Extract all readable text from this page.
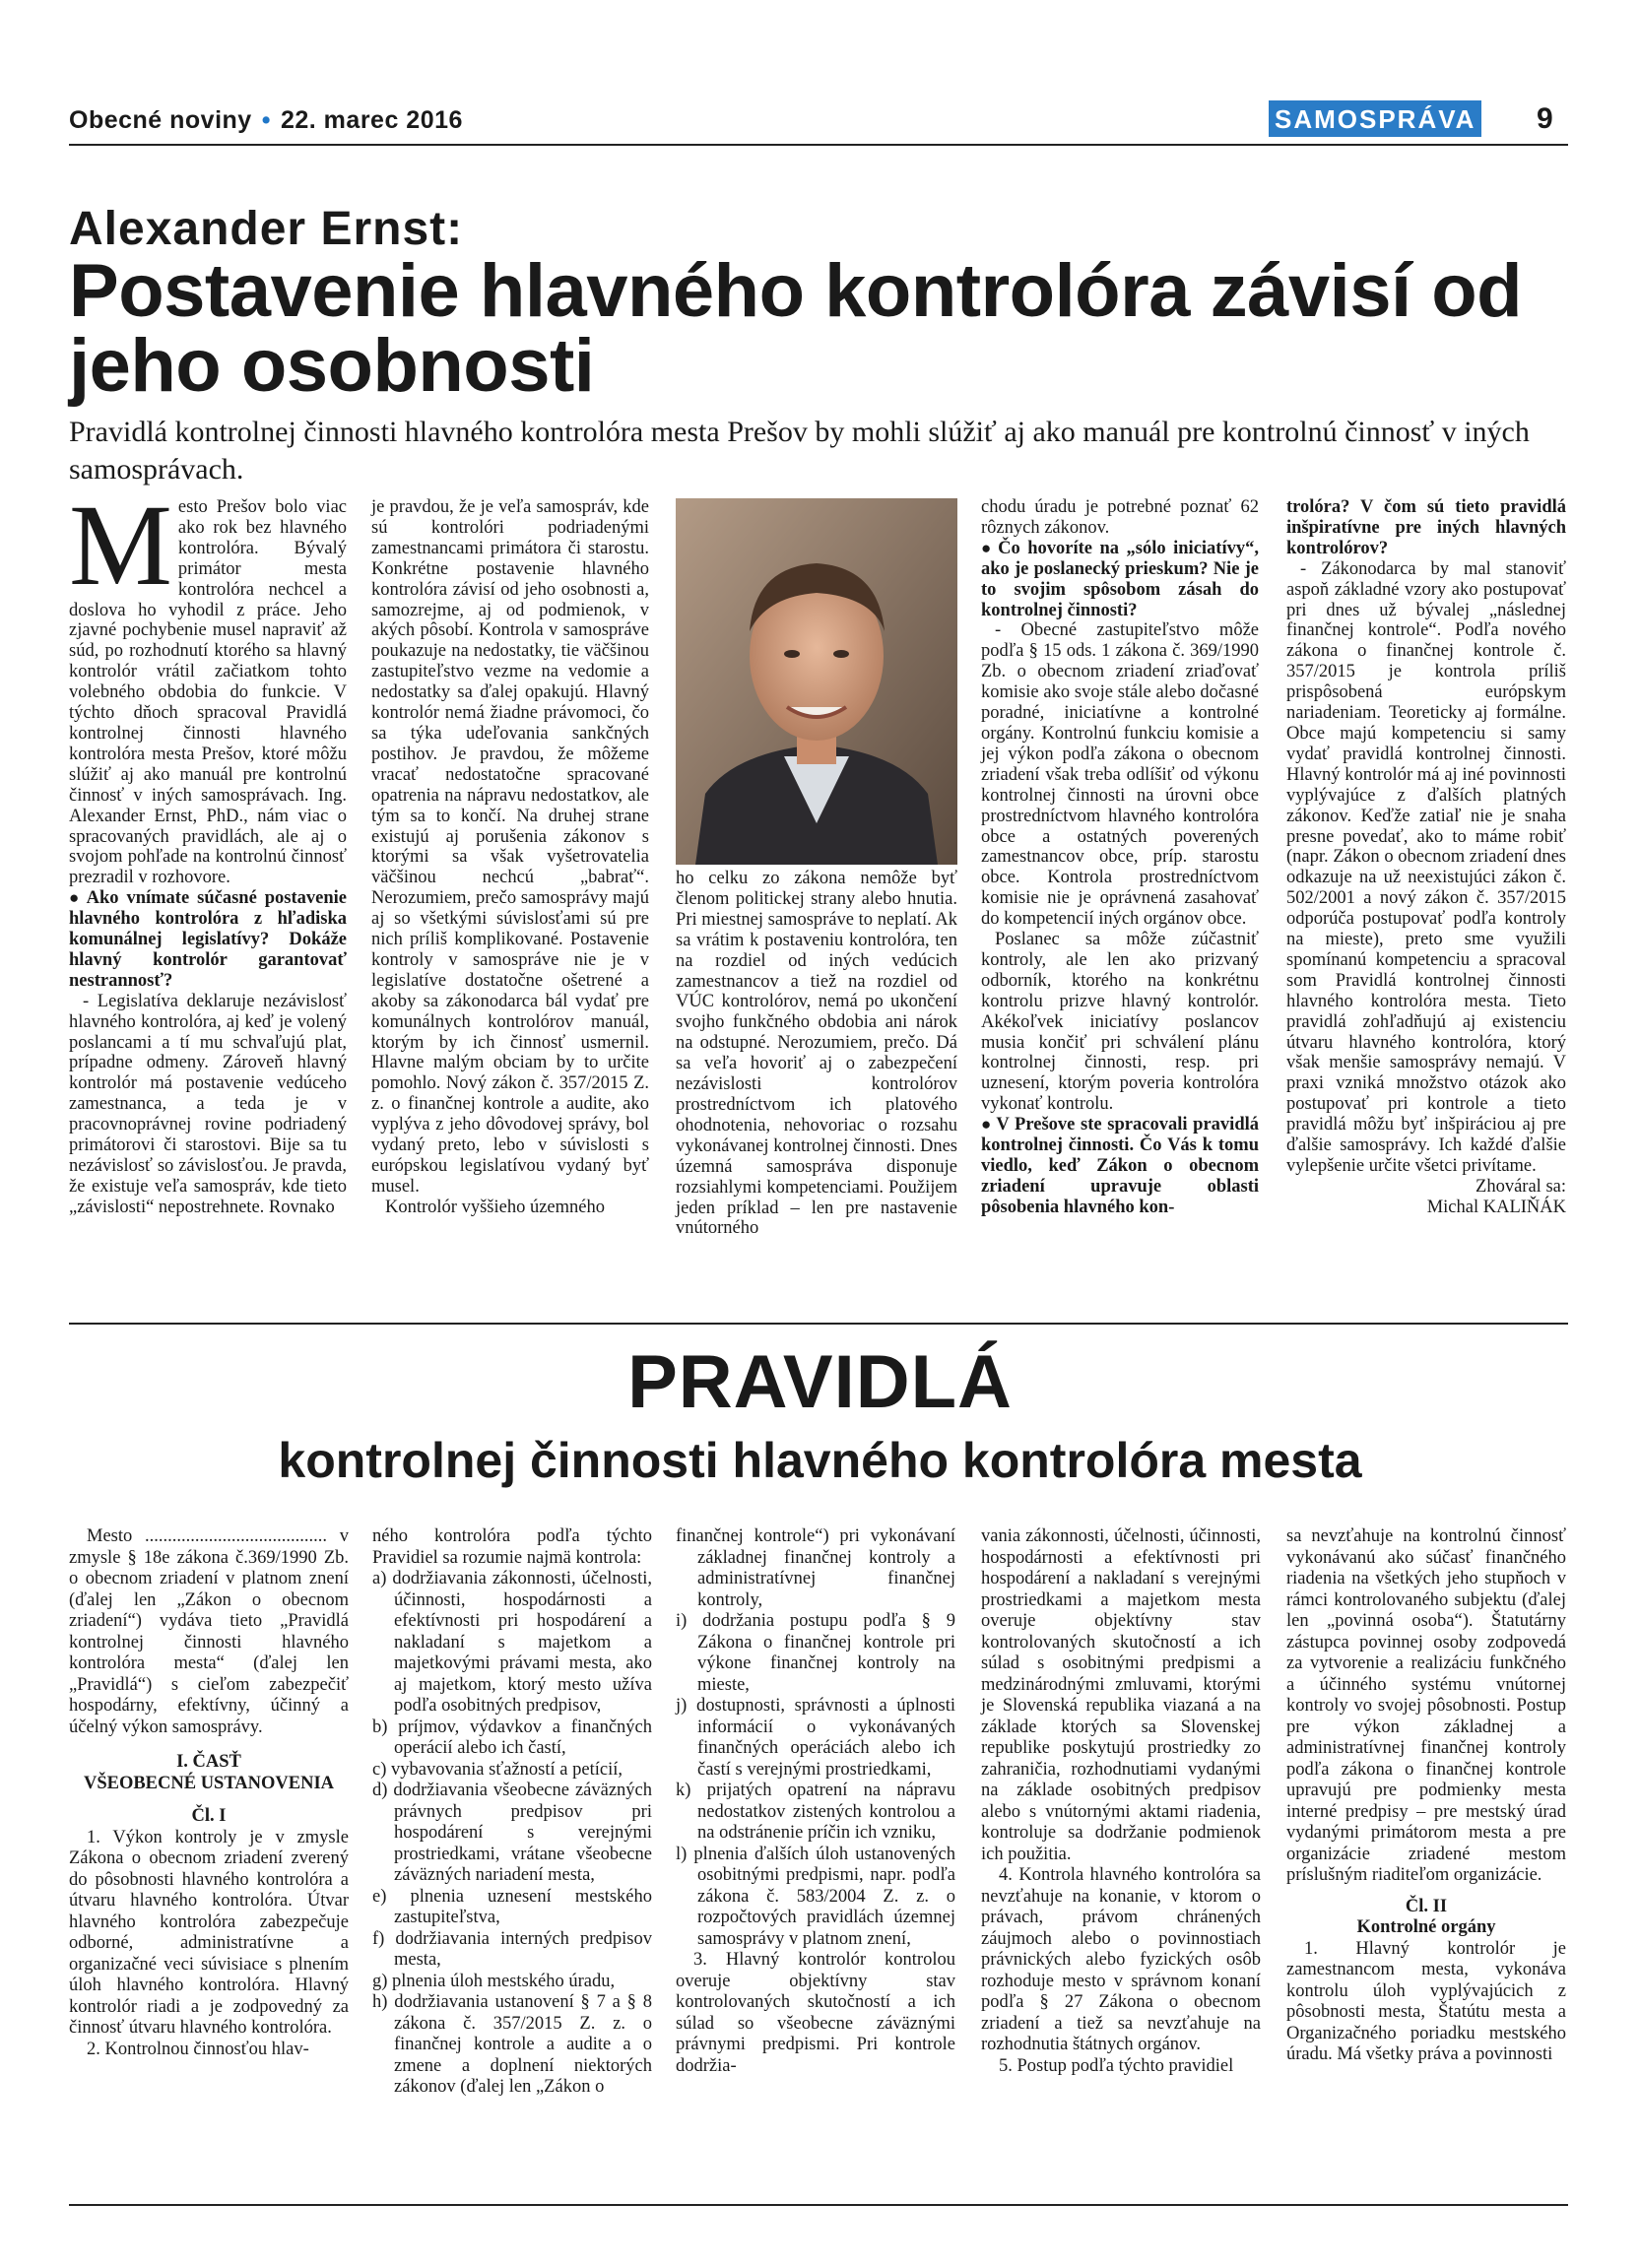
Obecné noviny • 22. marec 2016	SAMOSPRÁVA 9
Alexander Ernst:
Postavenie hlavného kontrolóra závisí od jeho osobnosti
Pravidlá kontrolnej činnosti hlavného kontrolóra mesta Prešov by mohli slúžiť aj ako manuál pre kontrolnú činnosť v iných samosprávach.
M esto Prešov bolo viac ako rok bez hlavného kontrolóra. Bývalý primátor mesta kontrolóra nechcel a doslova ho vyhodil z práce. Jeho zjavné pochybenie musel napraviť až súd, po rozhodnutí ktorého sa hlavný kontrolór vrátil začiatkom tohto volebného obdobia do funkcie. V týchto dňoch spracoval Pravidlá kontrolnej činnosti hlavného kontrolóra mesta Prešov, ktoré môžu slúžiť aj ako manuál pre kontrolnú činnosť v iných samosprávach. Ing. Alexander Ernst, PhD., nám viac o spracovaných pravidlách, ale aj o svojom pohľade na kontrolnú činnosť prezradil v rozhovore.

● Ako vnímate súčasné postavenie hlavného kontrolóra z hľadiska komunálnej legislatívy? Dokáže hlavný kontrolór garantovať nestrannosť?

- Legislatíva deklaruje nezávislosť hlavného kontrolóra, aj keď je volený poslancami a tí mu schvaľujú plat, prípadne odmeny. Zároveň hlavný kontrolór má postavenie vedúceho zamestnanca, a teda je v pracovnoprávnej rovine podriadený primátorovi či starostovi. Bije sa tu nezávislosť so závislosťou. Je pravda, že existuje veľa samospráv, kde tieto „závislosti“ nepostrehnete. Rovnako

je pravdou, že je veľa samospráv, kde sú kontrolóri podriadenými zamestnancami primátora či starostu. Konkrétne postavenie hlavného kontrolóra závisí od jeho osobnosti a, samozrejme, aj od podmienok, v akých pôsobí. Kontrola v samospráve poukazuje na nedostatky, tie väčšinou zastupiteľstvo vezme na vedomie a nedostatky sa ďalej opakujú. Hlavný kontrolór nemá žiadne právomoci, čo sa týka udeľovania sankčných postihov. Je pravdou, že môžeme vracať nedostatočne spracované opatrenia na nápravu nedostatkov, ale tým sa to končí. Na druhej strane existujú aj porušenia zákonov s ktorými sa však vyšetrovatelia väčšinou nechcú „babrať“. Nerozumiem, prečo samosprávy majú aj so všetkými súvislosťami sú pre nich príliš komplikované. Postavenie kontroly v samospráve nie je v legislatíve dostatočne ošetrené a akoby sa zákonodarca bál vydať pre komunálnych kontrolórov manuál, ktorým by ich činnosť usmernil. Hlavne malým obciam by to určite pomohlo. Nový zákon č. 357/2015 Z. z. o finančnej kontrole a audite, ako vyplýva z jeho dôvodovej správy, bol vydaný preto, lebo v súvislosti s európskou legislatívou vydaný byť musel.

Kontrolór vyššieho územného

ho celku zo zákona nemôže byť členom politickej strany alebo hnutia. Pri miestnej samospráve to neplatí. Ak sa vrátim k postaveniu kontrolóra, ten na rozdiel od iných vedúcich zamestnancov a tiež na rozdiel od VÚC kontrolórov, nemá po ukončení svojho funkčného obdobia ani nárok na odstupné. Nerozumiem, prečo. Dá sa veľa hovoriť aj o zabezpečení nezávislosti kontrolórov prostredníctvom ich platového ohodnotenia, nehovoriac o rozsahu vykonávanej kontrolnej činnosti. Dnes územná samospráva disponuje rozsiahlymi kompetenciami. Použijem jeden príklad – len pre nastavenie vnútorného

chodu úradu je potrebné poznať 62 rôznych zákonov.

● Čo hovoríte na „sólo iniciatívy“, ako je poslanecký prieskum? Nie je to svojim spôsobom zásah do kontrolnej činnosti?

- Obecné zastupiteľstvo môže podľa § 15 ods. 1 zákona č. 369/1990 Zb. o obecnom zriadení zriaďovať komisie ako svoje stále alebo dočasné poradné, iniciatívne a kontrolné orgány. Kontrolnú funkciu komisie a jej výkon podľa zákona o obecnom zriadení však treba odlíšiť od výkonu kontrolnej činnosti na úrovni obce prostredníctvom hlavného kontrolóra obce a ostatných poverených zamestnancov obce, príp. starostu obce. Kontrola prostredníctvom komisie nie je oprávnená zasahovať do kompetencií iných orgánov obce.

Poslanec sa môže zúčastniť kontroly, ale len ako prizvaný odborník, ktorého na konkrétnu kontrolu prizve hlavný kontrolór. Akékoľvek iniciatívy poslancov musia končiť pri schválení plánu kontrolnej činnosti, resp. pri uznesení, ktorým poveria kontrolóra vykonať kontrolu.

● V Prešove ste spracovali pravidlá kontrolnej činnosti. Čo Vás k tomu viedlo, keď Zákon o obecnom zriadení upravuje oblasti pôsobenia hlavného kon-

trolóra? V čom sú tieto pravidlá inšpiratívne pre iných hlavných kontrolórov?

- Zákonodarca by mal stanoviť aspoň základné vzory ako postupovať pri dnes už bývalej „následnej finančnej kontrole“. Podľa nového zákona o finančnej kontrole č. 357/2015 je kontrola príliš prispôsobená európskym nariadeniam. Teoreticky aj formálne. Obce majú kompetenciu si samy vydať pravidlá kontrolnej činnosti. Hlavný kontrolór má aj iné povinnosti vyplývajúce z ďalších platných zákonov. Keďže zatiaľ nie je snaha presne povedať, ako to máme robiť (napr. Zákon o obecnom zriadení dnes odkazuje na už neexistujúci zákon č. 502/2001 a nový zákon č. 357/2015 odporúča postupovať podľa kontroly na mieste), preto sme využili spomínanú kompetenciu a spracoval som Pravidlá kontrolnej činnosti hlavného kontrolóra mesta. Tieto pravidlá zohľadňujú aj existenciu útvaru hlavného kontrolóra, ktorý však menšie samosprávy nemajú. V praxi vzniká množstvo otázok ako postupovať pri kontrole a tieto pravidlá môžu byť inšpiráciou aj pre ďalšie samosprávy. Ich každé ďalšie vylepšenie určite všetci privítame.

Zhováral sa:

Michal KALIŇÁK

PRAVIDLÁ
kontrolnej činnosti hlavného kontrolóra mesta

Mesto ........................................ v zmysle § 18e zákona č.369/1990 Zb. o obecnom zriadení v platnom znení (ďalej len „Zákon o obecnom zriadení“) vydáva tieto „Pravidlá kontrolnej činnosti hlavného kontrolóra mesta“ (ďalej len „Pravidlá“) s cieľom zabezpečiť hospodárny, efektívny, účinný a účelný výkon samosprávy.

I. ČASŤ

VŠEOBECNÉ USTANOVENIA

Čl. I

1. Výkon kontroly je v zmysle Zákona o obecnom zriadení zverený do pôsobnosti hlavného kontrolóra a útvaru hlavného kontrolóra. Útvar hlavného kontrolóra zabezpečuje odborné, administratívne a organizačné veci súvisiace s plnením úloh hlavného kontrolóra. Hlavný kontrolór riadi a je zodpovedný za činnosť útvaru hlavného kontrolóra.

2. Kontrolnou činnosťou hlav-

ného kontrolóra podľa týchto Pravidiel sa rozumie najmä kontrola:

a) dodržiavania zákonnosti, účelnosti, účinnosti, hospodárnosti a efektívnosti pri hospodárení a nakladaní s majetkom a majetkovými právami mesta, ako aj majetkom, ktorý mesto užíva podľa osobitných predpisov,

b) príjmov, výdavkov a finančných operácií alebo ich častí,

c) vybavovania sťažností a petícií,

d) dodržiavania všeobecne záväzných právnych predpisov pri hospodárení s verejnými prostriedkami, vrátane všeobecne záväzných nariadení mesta,

e) plnenia uznesení mestského zastupiteľstva,

f) dodržiavania interných predpisov mesta,

g) plnenia úloh mestského úradu,

h) dodržiavania ustanovení § 7 a § 8 zákona č. 357/2015 Z. z. o finančnej kontrole a audite a o zmene a doplnení niektorých zákonov (ďalej len „Zákon o

finančnej kontrole“) pri vykonávaní základnej finančnej kontroly a administratívnej finančnej kontroly,

i) dodržania postupu podľa § 9 Zákona o finančnej kontrole pri výkone finančnej kontroly na mieste,

j) dostupnosti, správnosti a úplnosti informácií o vykonávaných finančných operáciách alebo ich častí s verejnými prostriedkami,

k) prijatých opatrení na nápravu nedostatkov zistených kontrolou a na odstránenie príčin ich vzniku,

l) plnenia ďalších úloh ustanovených osobitnými predpismi, napr. podľa zákona č. 583/2004 Z. z. o rozpočtových pravidlách územnej samosprávy v platnom znení,

3. Hlavný kontrolór kontrolou overuje objektívny stav kontrolovaných skutočností a ich súlad so všeobecne záväznými právnymi predpismi. Pri kontrole dodržia-

vania zákonnosti, účelnosti, účinnosti, hospodárnosti a efektívnosti pri hospodárení a nakladaní s verejnými prostriedkami a majetkom mesta overuje objektívny stav kontrolovaných skutočností a ich súlad s osobitnými predpismi a medzinárodnými zmluvami, ktorými je Slovenská republika viazaná a na základe ktorých sa Slovenskej republike poskytujú prostriedky zo zahraničia, rozhodnutiami vydanými na základe osobitných predpisov alebo s vnútornými aktami riadenia, kontroluje sa dodržanie podmienok ich použitia.

4. Kontrola hlavného kontrolóra sa nevzťahuje na konanie, v ktorom o právach, právom chránených záujmoch alebo o povinnostiach právnických alebo fyzických osôb rozhoduje mesto v správnom konaní podľa § 27 Zákona o obecnom zriadení a tiež sa nevzťahuje na rozhodnutia štátnych orgánov.

5. Postup podľa týchto pravidiel

sa nevzťahuje na kontrolnú činnosť vykonávanú ako súčasť finančného riadenia na všetkých jeho stupňoch v rámci kontrolovaného subjektu (ďalej len „povinná osoba“). Štatutárny zástupca povinnej osoby zodpovedá za vytvorenie a realizáciu funkčného a účinného systému vnútornej kontroly vo svojej pôsobnosti. Postup pre výkon základnej a administratívnej finančnej kontroly podľa zákona o finančnej kontrole upravujú pre podmienky mesta interné predpisy – pre mestský úrad vydanými primátorom mesta a pre organizácie zriadené mestom príslušným riaditeľom organizácie.

Čl. II

Kontrolné orgány

1. Hlavný kontrolór je zamestnancom mesta, vykonáva kontrolu úloh vyplývajúcich z pôsobnosti mesta, Štatútu mesta a Organizačného poriadku mestského úradu. Má všetky práva a povinnosti
